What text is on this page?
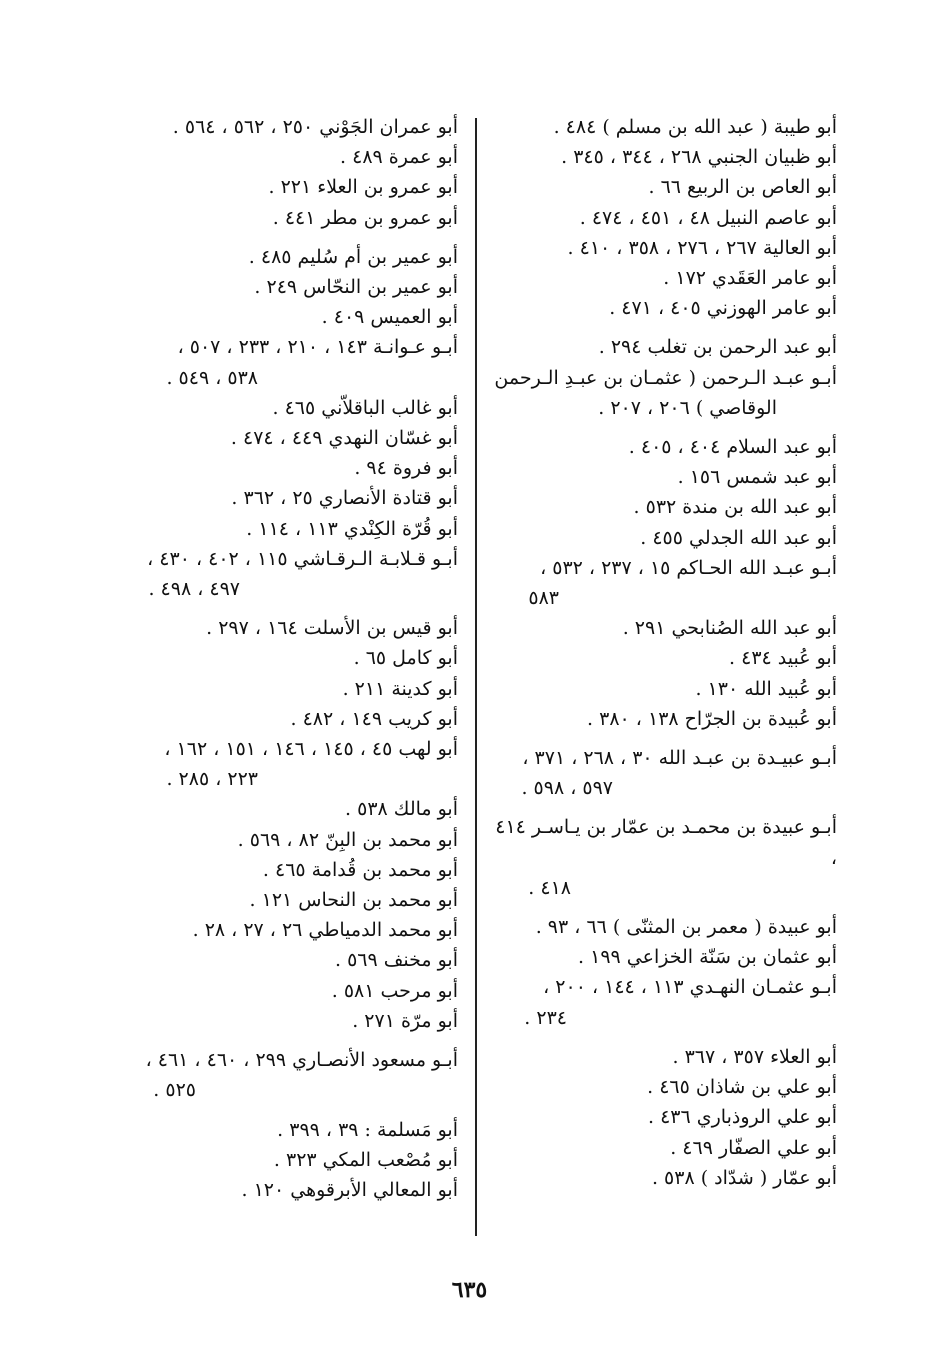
أبو طيبة ( عبد الله بن مسلم ) ٤٨٤ .
أبو ظبيان الجنبي ٢٦٨ ، ٣٤٤ ، ٣٤٥ .
أبو العاص بن الربيع ٦٦ .
أبو عاصم النبيل ٤٨ ، ٤٥١ ، ٤٧٤ .
أبو العالية ٢٦٧ ، ٢٧٦ ، ٣٥٨ ، ٤١٠ .
أبو عامر العَقَدي ١٧٢ .
أبو عامر الهوزني ٤٠٥ ، ٤٧١ .
أبو عبد الرحمن بن تغلب ٢٩٤ .
أبـو عبـد الـرحمن ( عثمـان بن عبـدِ الـرحمن
الوقاصي ) ٢٠٦ ، ٢٠٧ .
أبو عبد السلام ٤٠٤ ، ٤٠٥ .
أبو عبد شمس ١٥٦ .
أبو عبد الله بن مندة ٥٣٢ .
أبو عبد الله الجدلي ٤٥٥ .
أبـو عبـد الله الحـاكم ١٥ ، ٢٣٧ ، ٥٣٢ ،
٥٨٣
أبو عبد الله الصُنابحي ٢٩١ .
أبو عُبيد ٤٣٤ .
أبو عُبيد الله ١٣٠ .
أبو عُبيدة بن الجرّاح ١٣٨ ، ٣٨٠ .
أبـو عبيـدة بن عبـد الله ٣٠ ، ٢٦٨ ، ٣٧١ ،
٥٩٧ ، ٥٩٨ .
أبـو عبيدة بن محمـد بن عمّار بن يـاسـر ٤١٤ ،
٤١٨ .
أبو عبيدة ( معمر بن المثنّى ) ٦٦ ، ٩٣ .
أبو عثمان بن سَنّة الخزاعي ١٩٩ .
أبـو عثمـان النهـدي ١١٣ ، ١٤٤ ، ٢٠٠ ،
٢٣٤ .
أبو العلاء ٣٥٧ ، ٣٦٧ .
أبو علي بن شاذان ٤٦٥ .
أبو علي الروذباري ٤٣٦ .
أبو علي الصفّار ٤٦٩ .
أبو عمّار ( شدّاد ) ٥٣٨ .
أبو عمران الجَوْني ٢٥٠ ، ٥٦٢ ، ٥٦٤ .
أبو عمرة ٤٨٩ .
أبو عمرو بن العلاء ٢٢١ .
أبو عمرو بن مطر ٤٤١ .
أبو عمير بن أم سُليم ٤٨٥ .
أبو عمير بن النحّاس ٢٤٩ .
أبو العميس ٤٠٩ .
أبـو عـوانـة ١٤٣ ، ٢١٠ ، ٢٣٣ ، ٥٠٧ ،
٥٣٨ ، ٥٤٩ .
أبو غالب الباقلاّني ٤٦٥ .
أبو غسّان النهدي ٤٤٩ ، ٤٧٤ .
أبو فروة ٩٤ .
أبو قتادة الأنصاري ٢٥ ، ٣٦٢ .
أبو قُرّة الكِنْدي ١١٣ ، ١١٤ .
أبـو قـلابـة الـرقـاشي ١١٥ ، ٤٠٢ ، ٤٣٠ ،
٤٩٧ ، ٤٩٨ .
أبو قيس بن الأسلت ١٦٤ ، ٢٩٧ .
أبو كامل ٦٥ .
أبو كدينة ٢١١ .
أبو كريب ١٤٩ ، ٤٨٢ .
أبو لهب ٤٥ ، ١٤٥ ، ١٤٦ ، ١٥١ ، ١٦٢ ،
٢٢٣ ، ٢٨٥ .
أبو مالك ٥٣٨ .
أبو محمد بن البِنّ ٨٢ ، ٥٦٩ .
أبو محمد بن قُدامة ٤٦٥ .
أبو محمد بن النحاس ١٢١ .
أبو محمد الدمياطي ٢٦ ، ٢٧ ، ٢٨ .
أبو مخنف ٥٦٩ .
أبو مرحب ٥٨١ .
أبو مرّة ٢٧١ .
أبـو مسعود الأنصـاري ٢٩٩ ، ٤٦٠ ، ٤٦١ ،
٥٢٥ .
أبو مَسلمة : ٣٩ ، ٣٩٩ .
أبو مُصْعب المكي ٣٢٣ .
أبو المعالي الأبرقوهي ١٢٠ .
٦٣٥
